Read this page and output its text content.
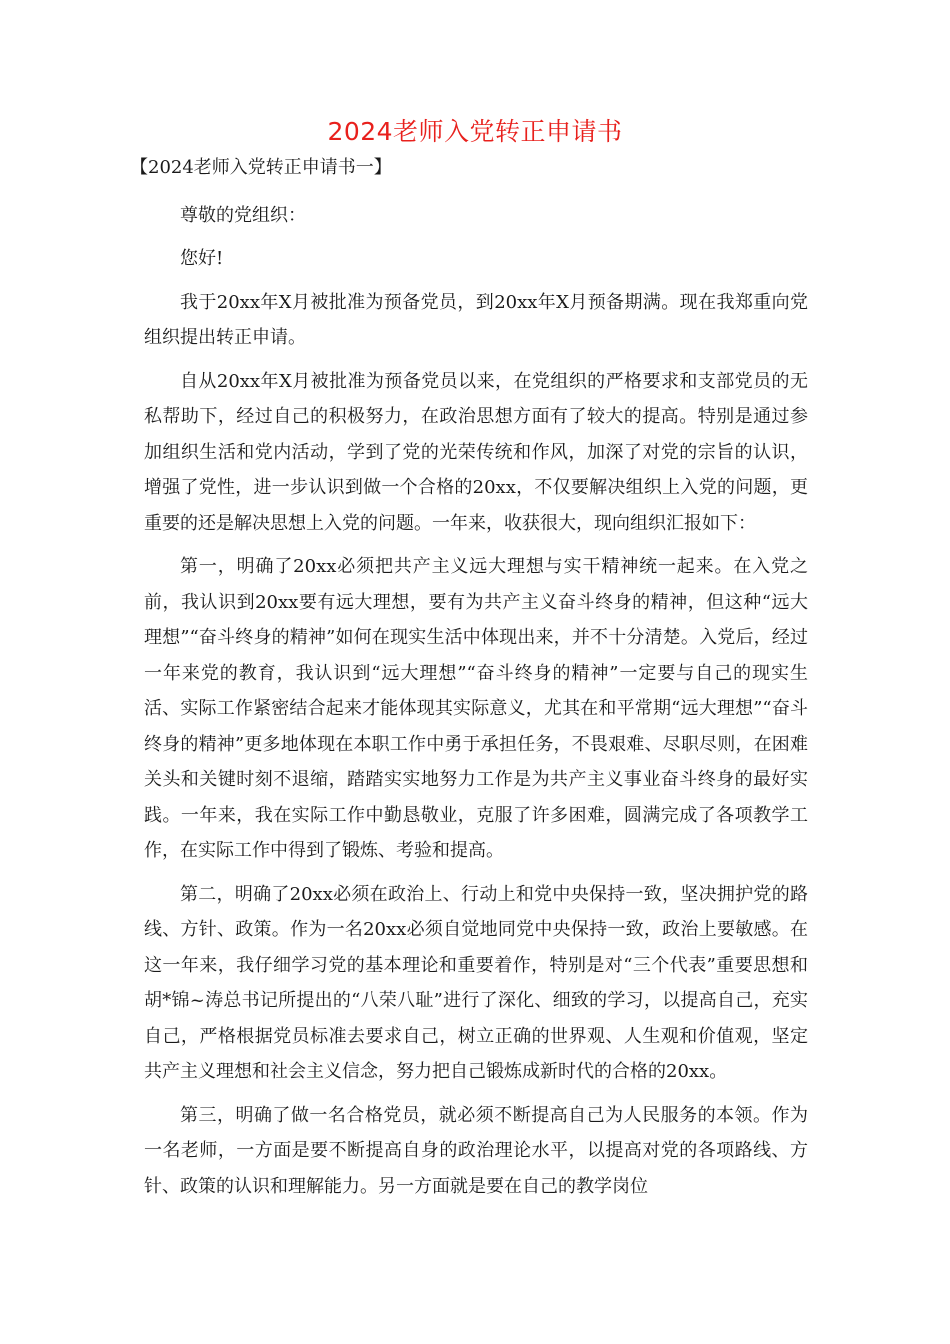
2024老师入党转正申请书

【2024老师入党转正申请书一】

尊敬的党组织：

您好!

我于20xx年X月被批准为预备党员，到20xx年X月预备期满。现在我郑重向党组织提出转正申请。

自从20xx年X月被批准为预备党员以来，在党组织的严格要求和支部党员的无私帮助下，经过自己的积极努力，在政治思想方面有了较大的提高。特别是通过参加组织生活和党内活动，学到了党的光荣传统和作风，加深了对党的宗旨的认识，增强了党性，进一步认识到做一个合格的20xx，不仅要解决组织上入党的问题，更重要的还是解决思想上入党的问题。一年来，收获很大，现向组织汇报如下：

第一，明确了20xx必须把共产主义远大理想与实干精神统一起来。在入党之前，我认识到20xx要有远大理想，要有为共产主义奋斗终身的精神，但这种“远大理想”“奋斗终身的精神”如何在现实生活中体现出来，并不十分清楚。入党后，经过一年来党的教育，我认识到“远大理想”“奋斗终身的精神”一定要与自己的现实生活、实际工作紧密结合起来才能体现其实际意义，尤其在和平常期“远大理想”“奋斗终身的精神”更多地体现在本职工作中勇于承担任务，不畏艰难、尽职尽则，在困难关头和关键时刻不退缩，踏踏实实地努力工作是为共产主义事业奋斗终身的最好实践。一年来，我在实际工作中勤恳敬业，克服了许多困难，圆满完成了各项教学工作，在实际工作中得到了锻炼、考验和提高。

第二，明确了20xx必须在政治上、行动上和党中央保持一致，坚决拥护党的路线、方针、政策。作为一名20xx必须自觉地同党中央保持一致，政治上要敏感。在这一年来，我仔细学习党的基本理论和重要着作，特别是对“三个代表”重要思想和胡*锦~涛总书记所提出的“八荣八耻”进行了深化、细致的学习，以提高自己，充实自己，严格根据党员标准去要求自己，树立正确的世界观、人生观和价值观，坚定共产主义理想和社会主义信念，努力把自己锻炼成新时代的合格的20xx。

第三，明确了做一名合格党员，就必须不断提高自己为人民服务的本领。作为一名老师，一方面是要不断提高自身的政治理论水平，以提高对党的各项路线、方针、政策的认识和理解能力。另一方面就是要在自己的教学岗位
